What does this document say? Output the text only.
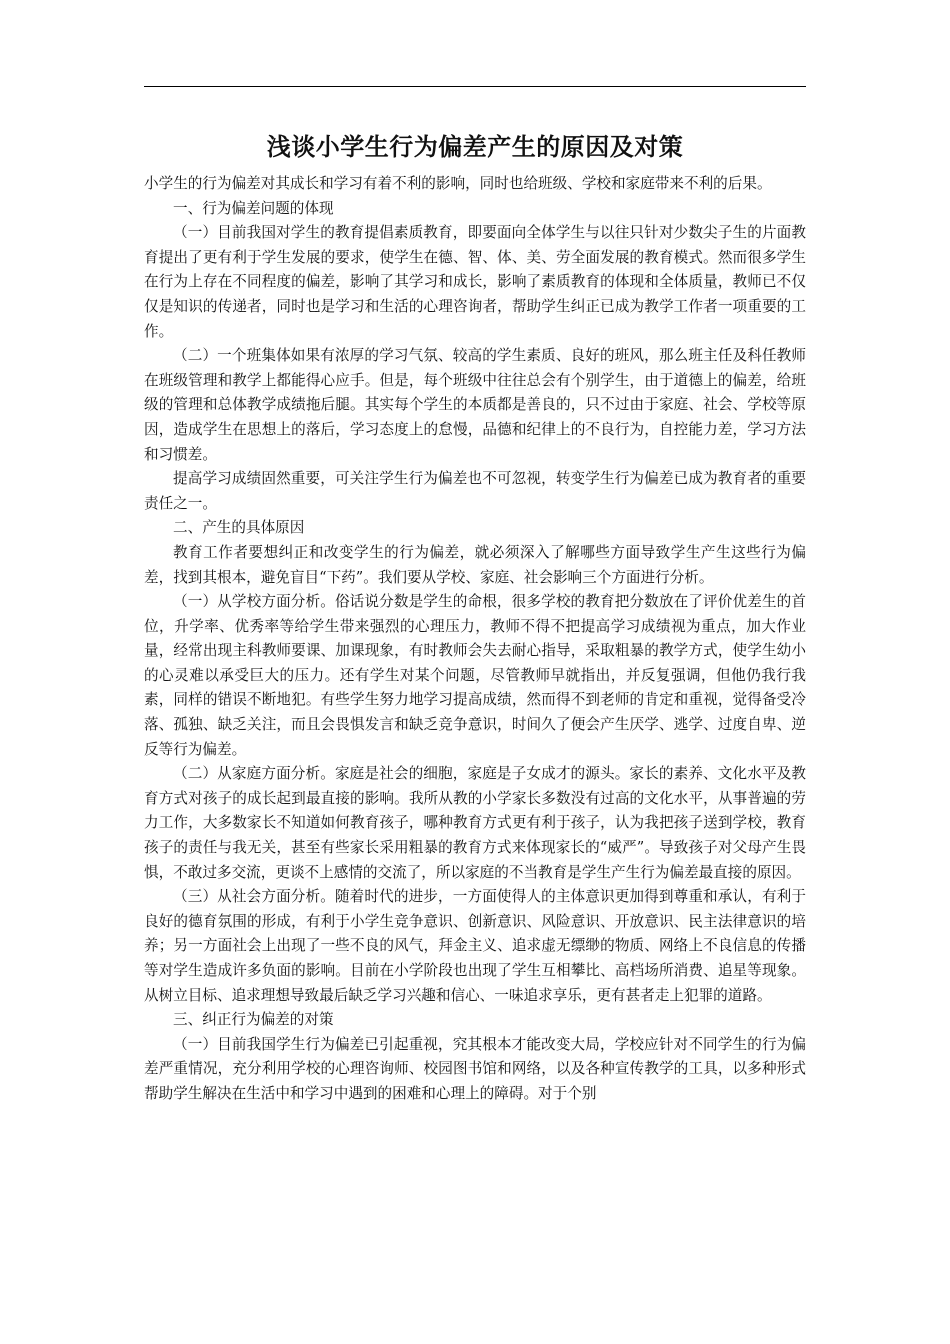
浅谈小学生行为偏差产生的原因及对策

小学生的行为偏差对其成长和学习有着不利的影响，同时也给班级、学校和家庭带来不利的后果。

一、行为偏差问题的体现

（一）目前我国对学生的教育提倡素质教育，即要面向全体学生与以往只针对少数尖子生的片面教育提出了更有利于学生发展的要求，使学生在德、智、体、美、劳全面发展的教育模式。然而很多学生在行为上存在不同程度的偏差，影响了其学习和成长，影响了素质教育的体现和全体质量，教师已不仅仅是知识的传递者，同时也是学习和生活的心理咨询者，帮助学生纠正已成为教学工作者一项重要的工作。

（二）一个班集体如果有浓厚的学习气氛、较高的学生素质、良好的班风，那么班主任及科任教师在班级管理和教学上都能得心应手。但是，每个班级中往往总会有个别学生，由于道德上的偏差，给班级的管理和总体教学成绩拖后腿。其实每个学生的本质都是善良的，只不过由于家庭、社会、学校等原因，造成学生在思想上的落后，学习态度上的怠慢，品德和纪律上的不良行为，自控能力差，学习方法和习惯差。

提高学习成绩固然重要，可关注学生行为偏差也不可忽视，转变学生行为偏差已成为教育者的重要责任之一。

二、产生的具体原因

教育工作者要想纠正和改变学生的行为偏差，就必须深入了解哪些方面导致学生产生这些行为偏差，找到其根本，避免盲目“下药”。我们要从学校、家庭、社会影响三个方面进行分析。

（一）从学校方面分析。俗话说分数是学生的命根，很多学校的教育把分数放在了评价优差生的首位，升学率、优秀率等给学生带来强烈的心理压力，教师不得不把提高学习成绩视为重点，加大作业量，经常出现主科教师要课、加课现象，有时教师会失去耐心指导，采取粗暴的教学方式，使学生幼小的心灵难以承受巨大的压力。还有学生对某个问题，尽管教师早就指出，并反复强调，但他仍我行我素，同样的错误不断地犯。有些学生努力地学习提高成绩，然而得不到老师的肯定和重视，觉得备受冷落、孤独、缺乏关注，而且会畏惧发言和缺乏竞争意识，时间久了便会产生厌学、逃学、过度自卑、逆反等行为偏差。

（二）从家庭方面分析。家庭是社会的细胞，家庭是子女成才的源头。家长的素养、文化水平及教育方式对孩子的成长起到最直接的影响。我所从教的小学家长多数没有过高的文化水平，从事普遍的劳力工作，大多数家长不知道如何教育孩子，哪种教育方式更有利于孩子，认为我把孩子送到学校，教育孩子的责任与我无关，甚至有些家长采用粗暴的教育方式来体现家长的“威严”。导致孩子对父母产生畏惧，不敢过多交流，更谈不上感情的交流了，所以家庭的不当教育是学生产生行为偏差最直接的原因。

（三）从社会方面分析。随着时代的进步，一方面使得人的主体意识更加得到尊重和承认，有利于良好的德育氛围的形成，有利于小学生竞争意识、创新意识、风险意识、开放意识、民主法律意识的培养；另一方面社会上出现了一些不良的风气，拜金主义、追求虚无缥缈的物质、网络上不良信息的传播等对学生造成许多负面的影响。目前在小学阶段也出现了学生互相攀比、高档场所消费、追星等现象。从树立目标、追求理想导致最后缺乏学习兴趣和信心、一味追求享乐，更有甚者走上犯罪的道路。

三、纠正行为偏差的对策

（一）目前我国学生行为偏差已引起重视，究其根本才能改变大局，学校应针对不同学生的行为偏差严重情况，充分利用学校的心理咨询师、校园图书馆和网络，以及各种宣传教学的工具，以多种形式帮助学生解决在生活中和学习中遇到的困难和心理上的障碍。对于个别
